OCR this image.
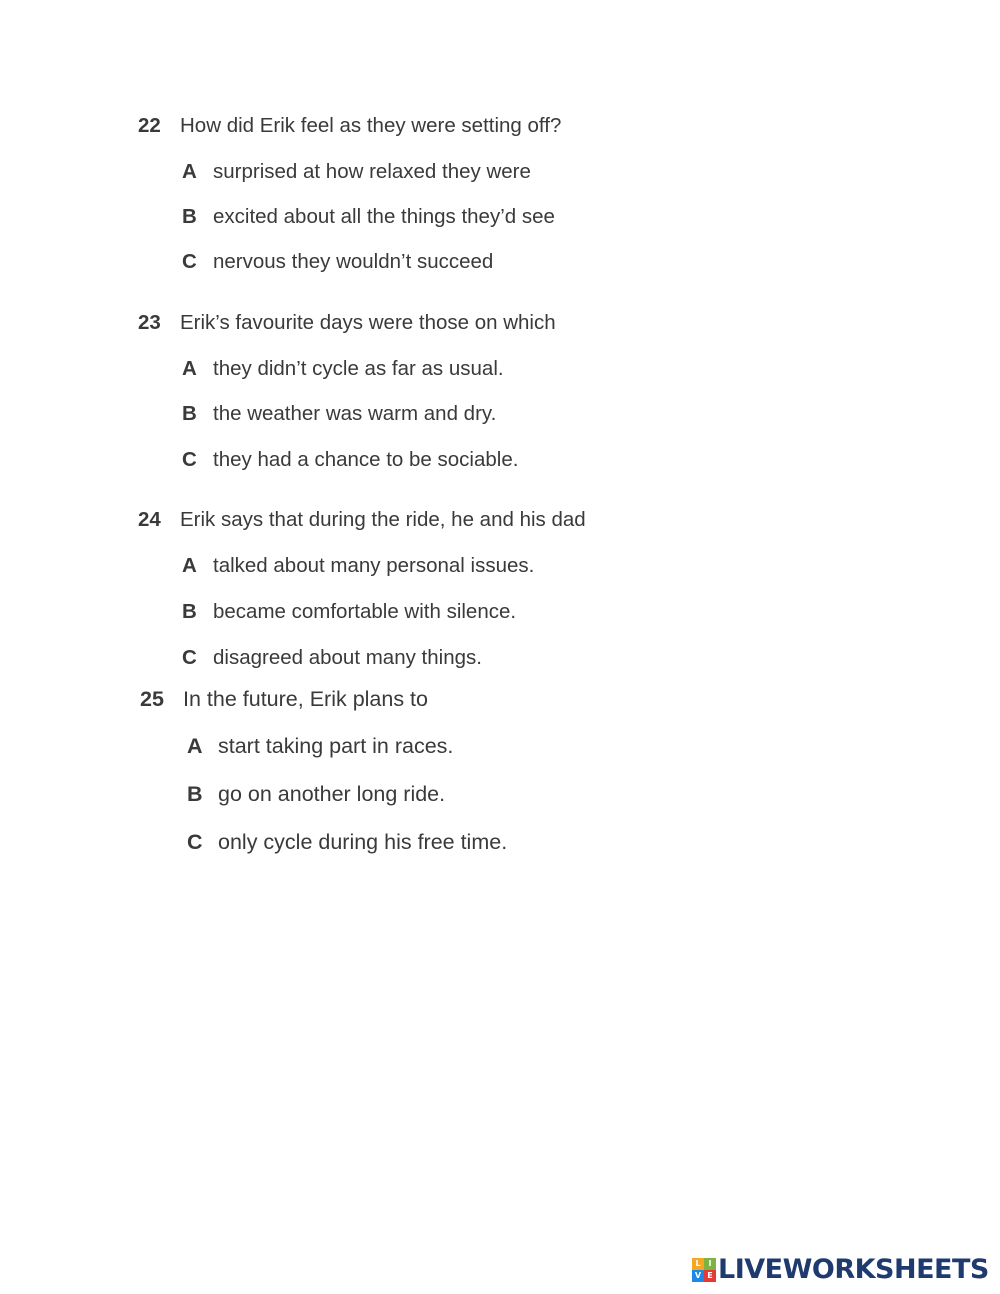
22 How did Erik feel as they were setting off?
A surprised at how relaxed they were
B excited about all the things they’d see
C nervous they wouldn’t succeed
23 Erik’s favourite days were those on which
A they didn’t cycle as far as usual.
B the weather was warm and dry.
C they had a chance to be sociable.
24 Erik says that during the ride, he and his dad
A talked about many personal issues.
B became comfortable with silence.
C disagreed about many things.
25 In the future, Erik plans to
A start taking part in races.
B go on another long ride.
C only cycle during his free time.
L I
V E LIVEWORKSHEETS
